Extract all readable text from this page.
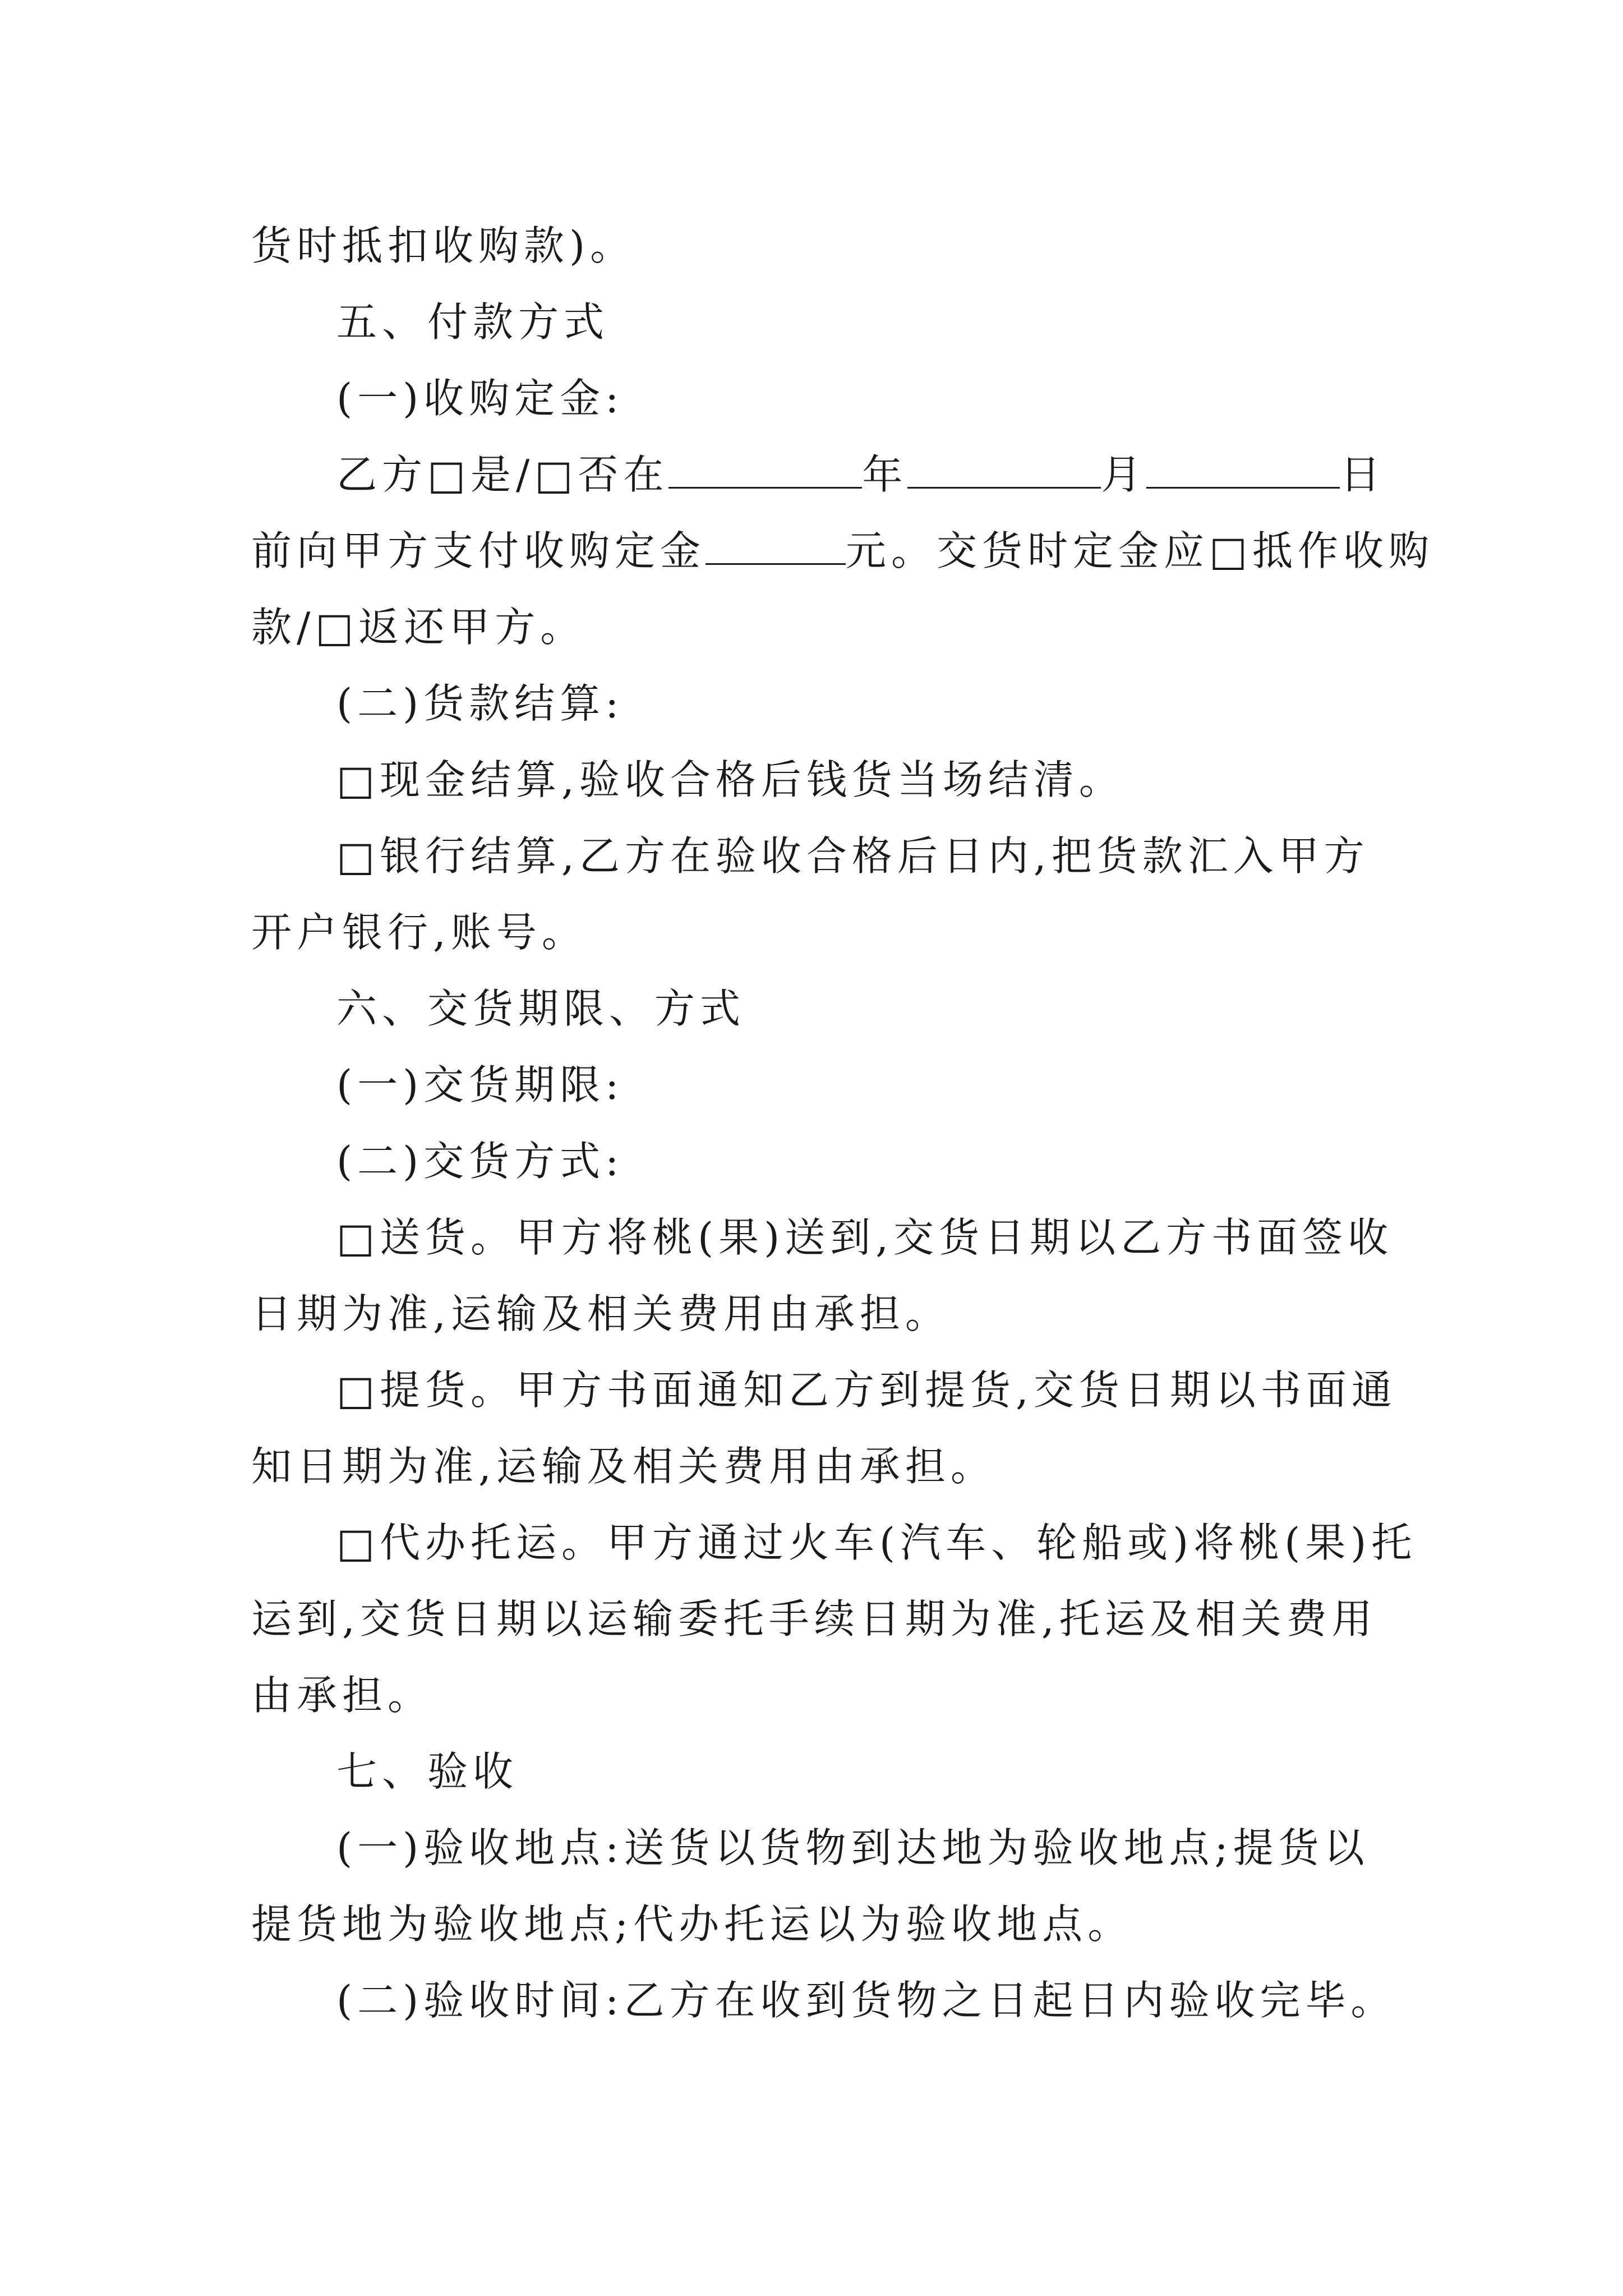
货时抵扣收购款)。
五、付款方式
(一)收购定金:
乙方□是/□否在	年	月	日
前向甲方支付收购定金	元。交货时定金应□抵作收购
款/□返还甲方。
(二)货款结算:
□现金结算,验收合格后钱货当场结清。
□银行结算,乙方在验收合格后日内,把货款汇入甲方
开户银行,账号。
六、交货期限、方式
(一)交货期限:
(二)交货方式:
□送货。甲方将桃(果)送到,交货日期以乙方书面签收
日期为准,运输及相关费用由承担。
□提货。甲方书面通知乙方到提货,交货日期以书面通
知日期为准,运输及相关费用由承担。
□代办托运。甲方通过火车(汽车、轮船或)将桃(果)托
运到,交货日期以运输委托手续日期为准,托运及相关费用
由承担。
七、验收
(一)验收地点:送货以货物到达地为验收地点;提货以
提货地为验收地点;代办托运以为验收地点。
(二)验收时间:乙方在收到货物之日起日内验收完毕。
